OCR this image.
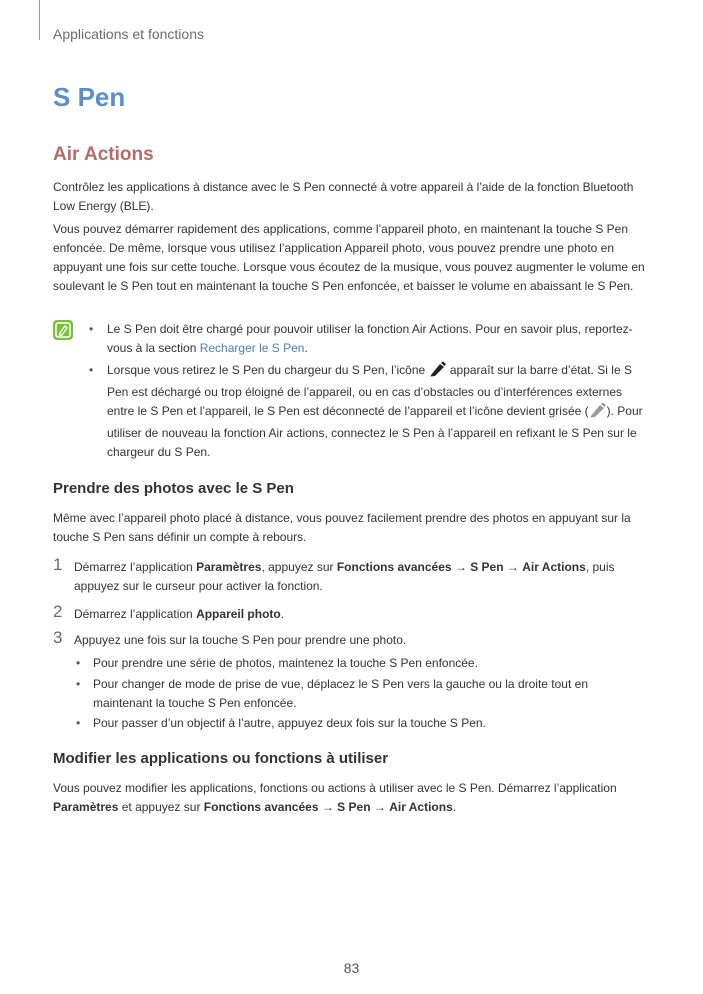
Applications et fonctions
S Pen
Air Actions
Contrôlez les applications à distance avec le S Pen connecté à votre appareil à l’aide de la fonction Bluetooth Low Energy (BLE).
Vous pouvez démarrer rapidement des applications, comme l’appareil photo, en maintenant la touche S Pen enfoncée. De même, lorsque vous utilisez l’application Appareil photo, vous pouvez prendre une photo en appuyant une fois sur cette touche. Lorsque vous écoutez de la musique, vous pouvez augmenter le volume en soulevant le S Pen tout en maintenant la touche S Pen enfoncée, et baisser le volume en abaissant le S Pen.
• Le S Pen doit être chargé pour pouvoir utiliser la fonction Air Actions. Pour en savoir plus, reportez-vous à la section Recharger le S Pen.
• Lorsque vous retirez le S Pen du chargeur du S Pen, l’icône  apparaît sur la barre d’état. Si le S Pen est déchargé ou trop éloigné de l’appareil, ou en cas d’obstacles ou d’interférences externes entre le S Pen et l’appareil, le S Pen est déconnecté de l’appareil et l’icône devient grisée ( ). Pour utiliser de nouveau la fonction Air actions, connectez le S Pen à l’appareil en refixant le S Pen sur le chargeur du S Pen.
Prendre des photos avec le S Pen
Même avec l’appareil photo placé à distance, vous pouvez facilement prendre des photos en appuyant sur la touche S Pen sans définir un compte à rebours.
1 Démarrez l’application Paramètres, appuyez sur Fonctions avancées → S Pen → Air Actions, puis appuyez sur le curseur pour activer la fonction.
2 Démarrez l’application Appareil photo.
3 Appuyez une fois sur la touche S Pen pour prendre une photo.
• Pour prendre une série de photos, maintenez la touche S Pen enfoncée.
• Pour changer de mode de prise de vue, déplacez le S Pen vers la gauche ou la droite tout en maintenant la touche S Pen enfoncée.
• Pour passer d’un objectif à l’autre, appuyez deux fois sur la touche S Pen.
Modifier les applications ou fonctions à utiliser
Vous pouvez modifier les applications, fonctions ou actions à utiliser avec le S Pen. Démarrez l’application Paramètres et appuyez sur Fonctions avancées → S Pen → Air Actions.
83
